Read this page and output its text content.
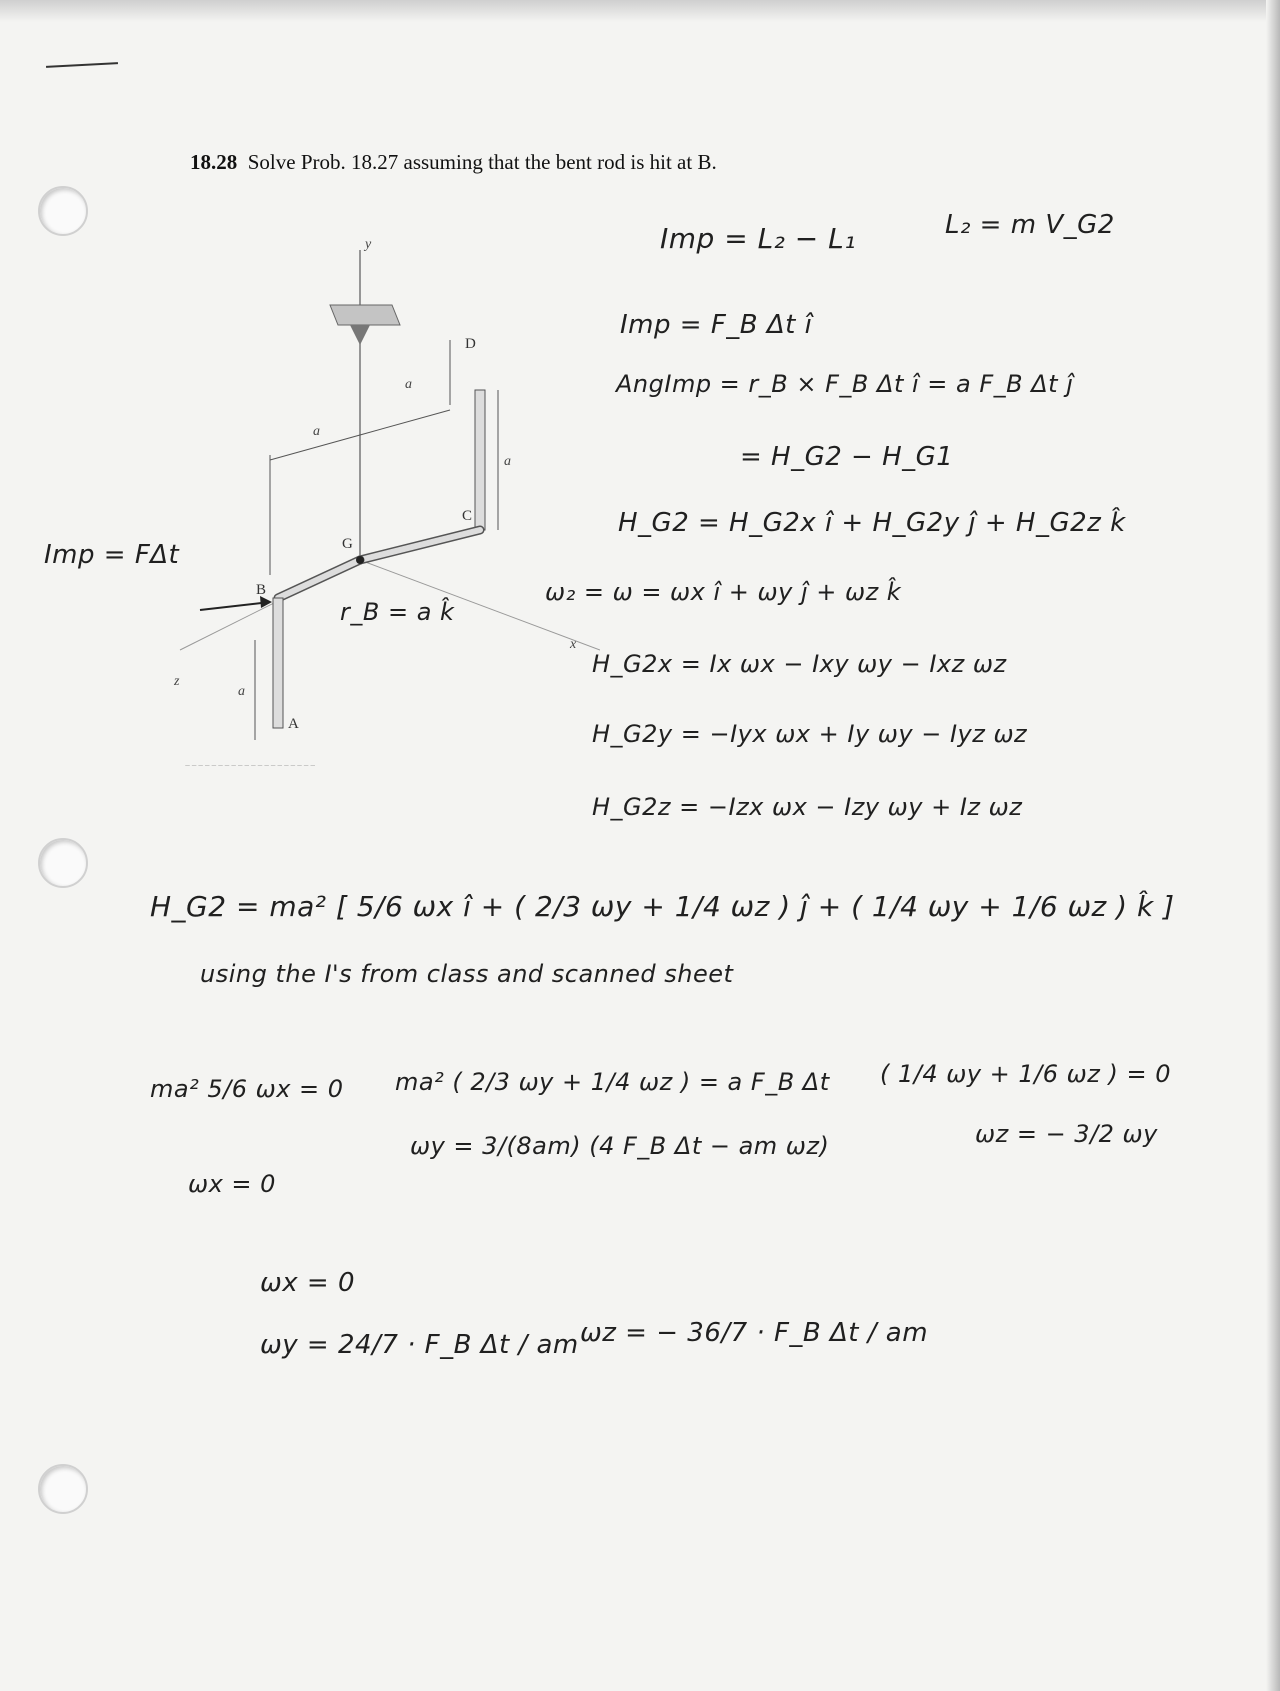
18.28 Solve Prob. 18.27 assuming that the bent rod is hit at B.
y
x
z
D
C
G
B
A
a
a
a
a
— — — — — — — — — — — — — — — — — — — —
Imp = FΔt
r_B = a k̂
Imp = L₂ − L₁	L₂ = m V_G2
Imp = F_B Δt î
AngImp = r_B × F_B Δt î = a F_B Δt ĵ
= H_G2 − H_G1
H_G2 = H_G2x î + H_G2y ĵ + H_G2z k̂
ω₂ = ω = ωx î + ωy ĵ + ωz k̂
H_G2x = Ix ωx − Ixy ωy − Ixz ωz
H_G2y = −Iyx ωx + Iy ωy − Iyz ωz
H_G2z = −Izx ωx − Izy ωy + Iz ωz
H_G2 = ma² [ 5/6 ωx î + ( 2/3 ωy + 1/4 ωz ) ĵ + ( 1/4 ωy + 1/6 ωz ) k̂ ]
using the I's from class and scanned sheet
ma² 5/6 ωx = 0 ma² ( 2/3 ωy + 1/4 ωz ) = a F_B Δt ( 1/4 ωy + 1/6 ωz ) = 0
ωz = − 3/2 ωy
ωx = 0
ωy = 3/(8am) (4 F_B Δt − am ωz)
ωx = 0
ωy = 24/7 · F_B Δt / am ωz = − 36/7 · F_B Δt / am
